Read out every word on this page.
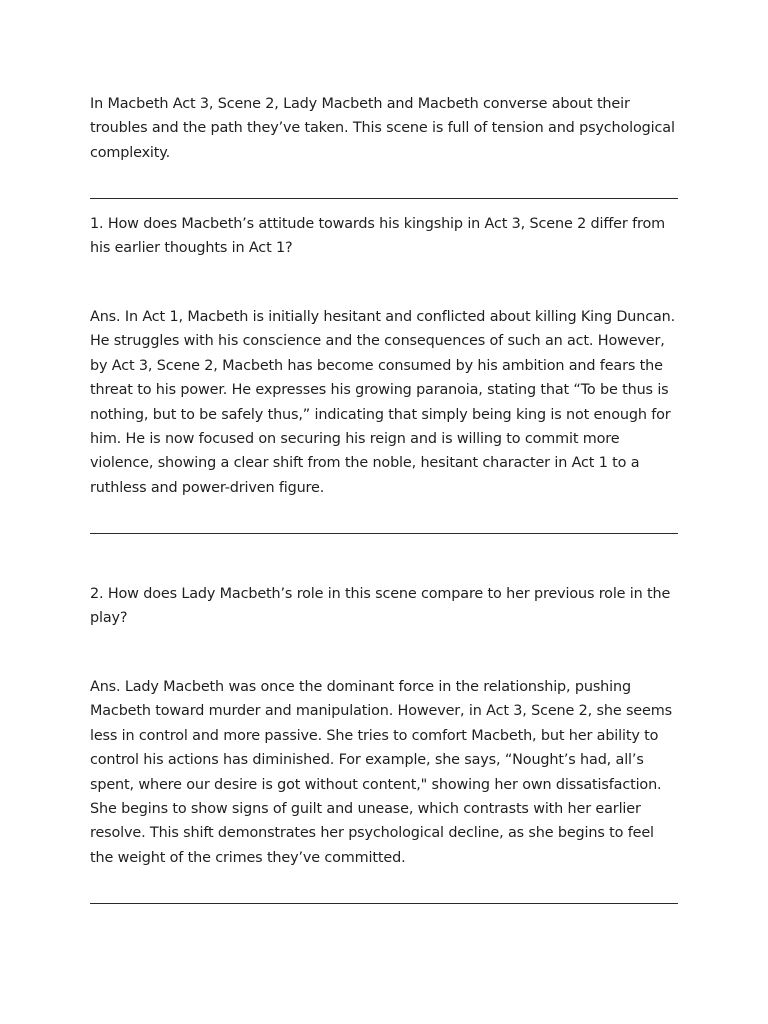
In Macbeth Act 3, Scene 2, Lady Macbeth and Macbeth converse about their troubles and the path they’ve taken. This scene is full of tension and psychological complexity.

1. How does Macbeth’s attitude towards his kingship in Act 3, Scene 2 differ from his earlier thoughts in Act 1?

Ans. In Act 1, Macbeth is initially hesitant and conflicted about killing King Duncan. He struggles with his conscience and the consequences of such an act. However, by Act 3, Scene 2, Macbeth has become consumed by his ambition and fears the threat to his power. He expresses his growing paranoia, stating that “To be thus is nothing, but to be safely thus,” indicating that simply being king is not enough for him. He is now focused on securing his reign and is willing to commit more violence, showing a clear shift from the noble, hesitant character in Act 1 to a ruthless and power-driven figure.

2. How does Lady Macbeth’s role in this scene compare to her previous role in the play?

Ans. Lady Macbeth was once the dominant force in the relationship, pushing Macbeth toward murder and manipulation. However, in Act 3, Scene 2, she seems less in control and more passive. She tries to comfort Macbeth, but her ability to control his actions has diminished. For example, she says, “Nought’s had, all’s spent, where our desire is got without content," showing her own dissatisfaction. She begins to show signs of guilt and unease, which contrasts with her earlier resolve. This shift demonstrates her psychological decline, as she begins to feel the weight of the crimes they’ve committed.
